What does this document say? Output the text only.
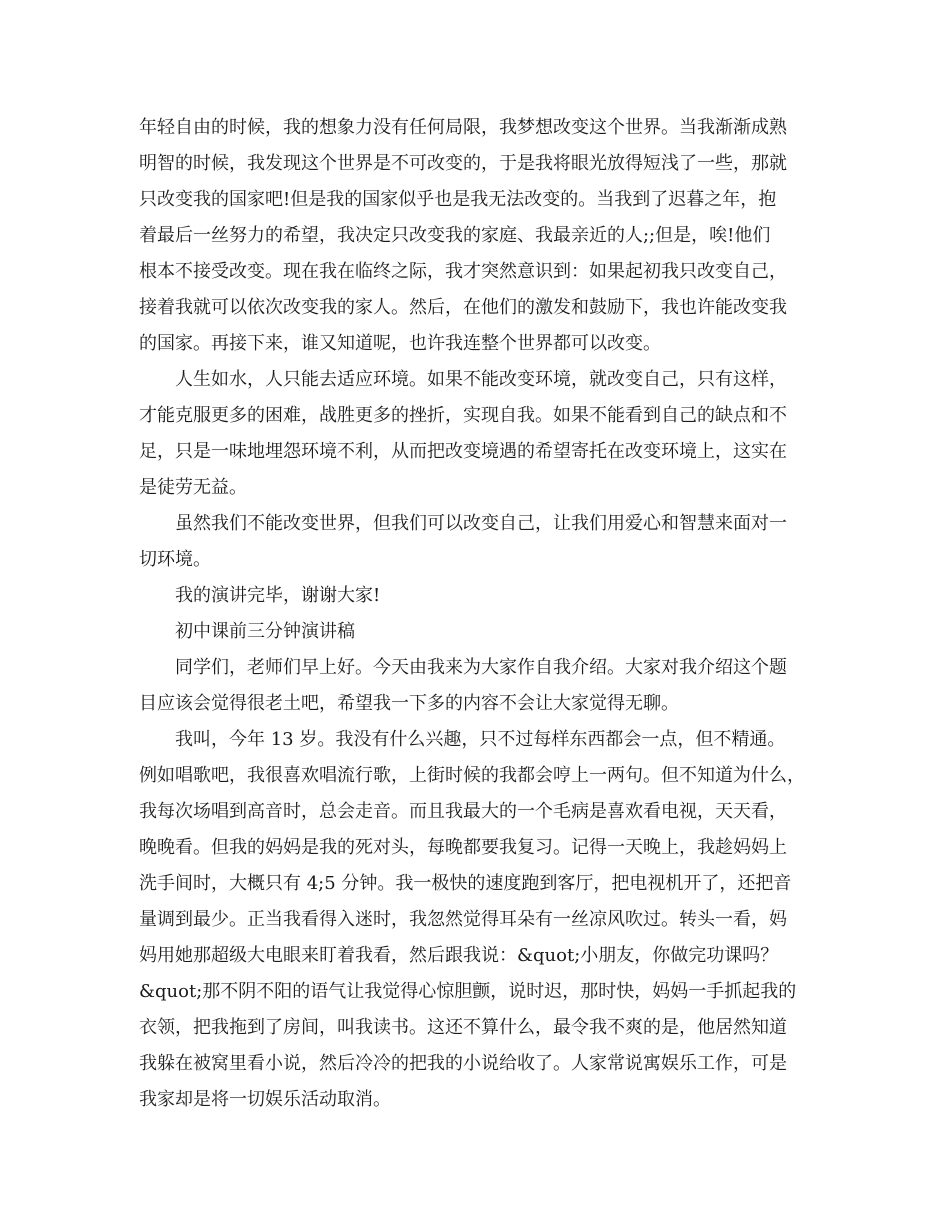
年轻自由的时候，我的想象力没有任何局限，我梦想改变这个世界。当我渐渐成熟
明智的时候，我发现这个世界是不可改变的，于是我将眼光放得短浅了一些，那就
只改变我的国家吧!但是我的国家似乎也是我无法改变的。当我到了迟暮之年，抱
着最后一丝努力的希望，我决定只改变我的家庭、我最亲近的人;;但是，唉!他们
根本不接受改变。现在我在临终之际，我才突然意识到：如果起初我只改变自己，
接着我就可以依次改变我的家人。然后，在他们的激发和鼓励下，我也许能改变我
的国家。再接下来，谁又知道呢，也许我连整个世界都可以改变。
人生如水，人只能去适应环境。如果不能改变环境，就改变自己，只有这样，
才能克服更多的困难，战胜更多的挫折，实现自我。如果不能看到自己的缺点和不
足，只是一味地埋怨环境不利，从而把改变境遇的希望寄托在改变环境上，这实在
是徒劳无益。
虽然我们不能改变世界，但我们可以改变自己，让我们用爱心和智慧来面对一
切环境。
我的演讲完毕，谢谢大家!
初中课前三分钟演讲稿
同学们，老师们早上好。今天由我来为大家作自我介绍。大家对我介绍这个题
目应该会觉得很老土吧，希望我一下多的内容不会让大家觉得无聊。
我叫，今年 13 岁。我没有什么兴趣，只不过每样东西都会一点，但不精通。
例如唱歌吧，我很喜欢唱流行歌，上街时候的我都会哼上一两句。但不知道为什么，
我每次场唱到高音时，总会走音。而且我最大的一个毛病是喜欢看电视，天天看，
晚晚看。但我的妈妈是我的死对头，每晚都要我复习。记得一天晚上，我趁妈妈上
洗手间时，大概只有 4;5 分钟。我一极快的速度跑到客厅，把电视机开了，还把音
量调到最少。正当我看得入迷时，我忽然觉得耳朵有一丝凉风吹过。转头一看，妈
妈用她那超级大电眼来盯着我看，然后跟我说：&quot;小朋友，你做完功课吗？
&quot;那不阴不阳的语气让我觉得心惊胆颤，说时迟，那时快，妈妈一手抓起我的
衣领，把我拖到了房间，叫我读书。这还不算什么，最令我不爽的是，他居然知道
我躲在被窝里看小说，然后冷冷的把我的小说给收了。人家常说寓娱乐工作，可是
我家却是将一切娱乐活动取消。
